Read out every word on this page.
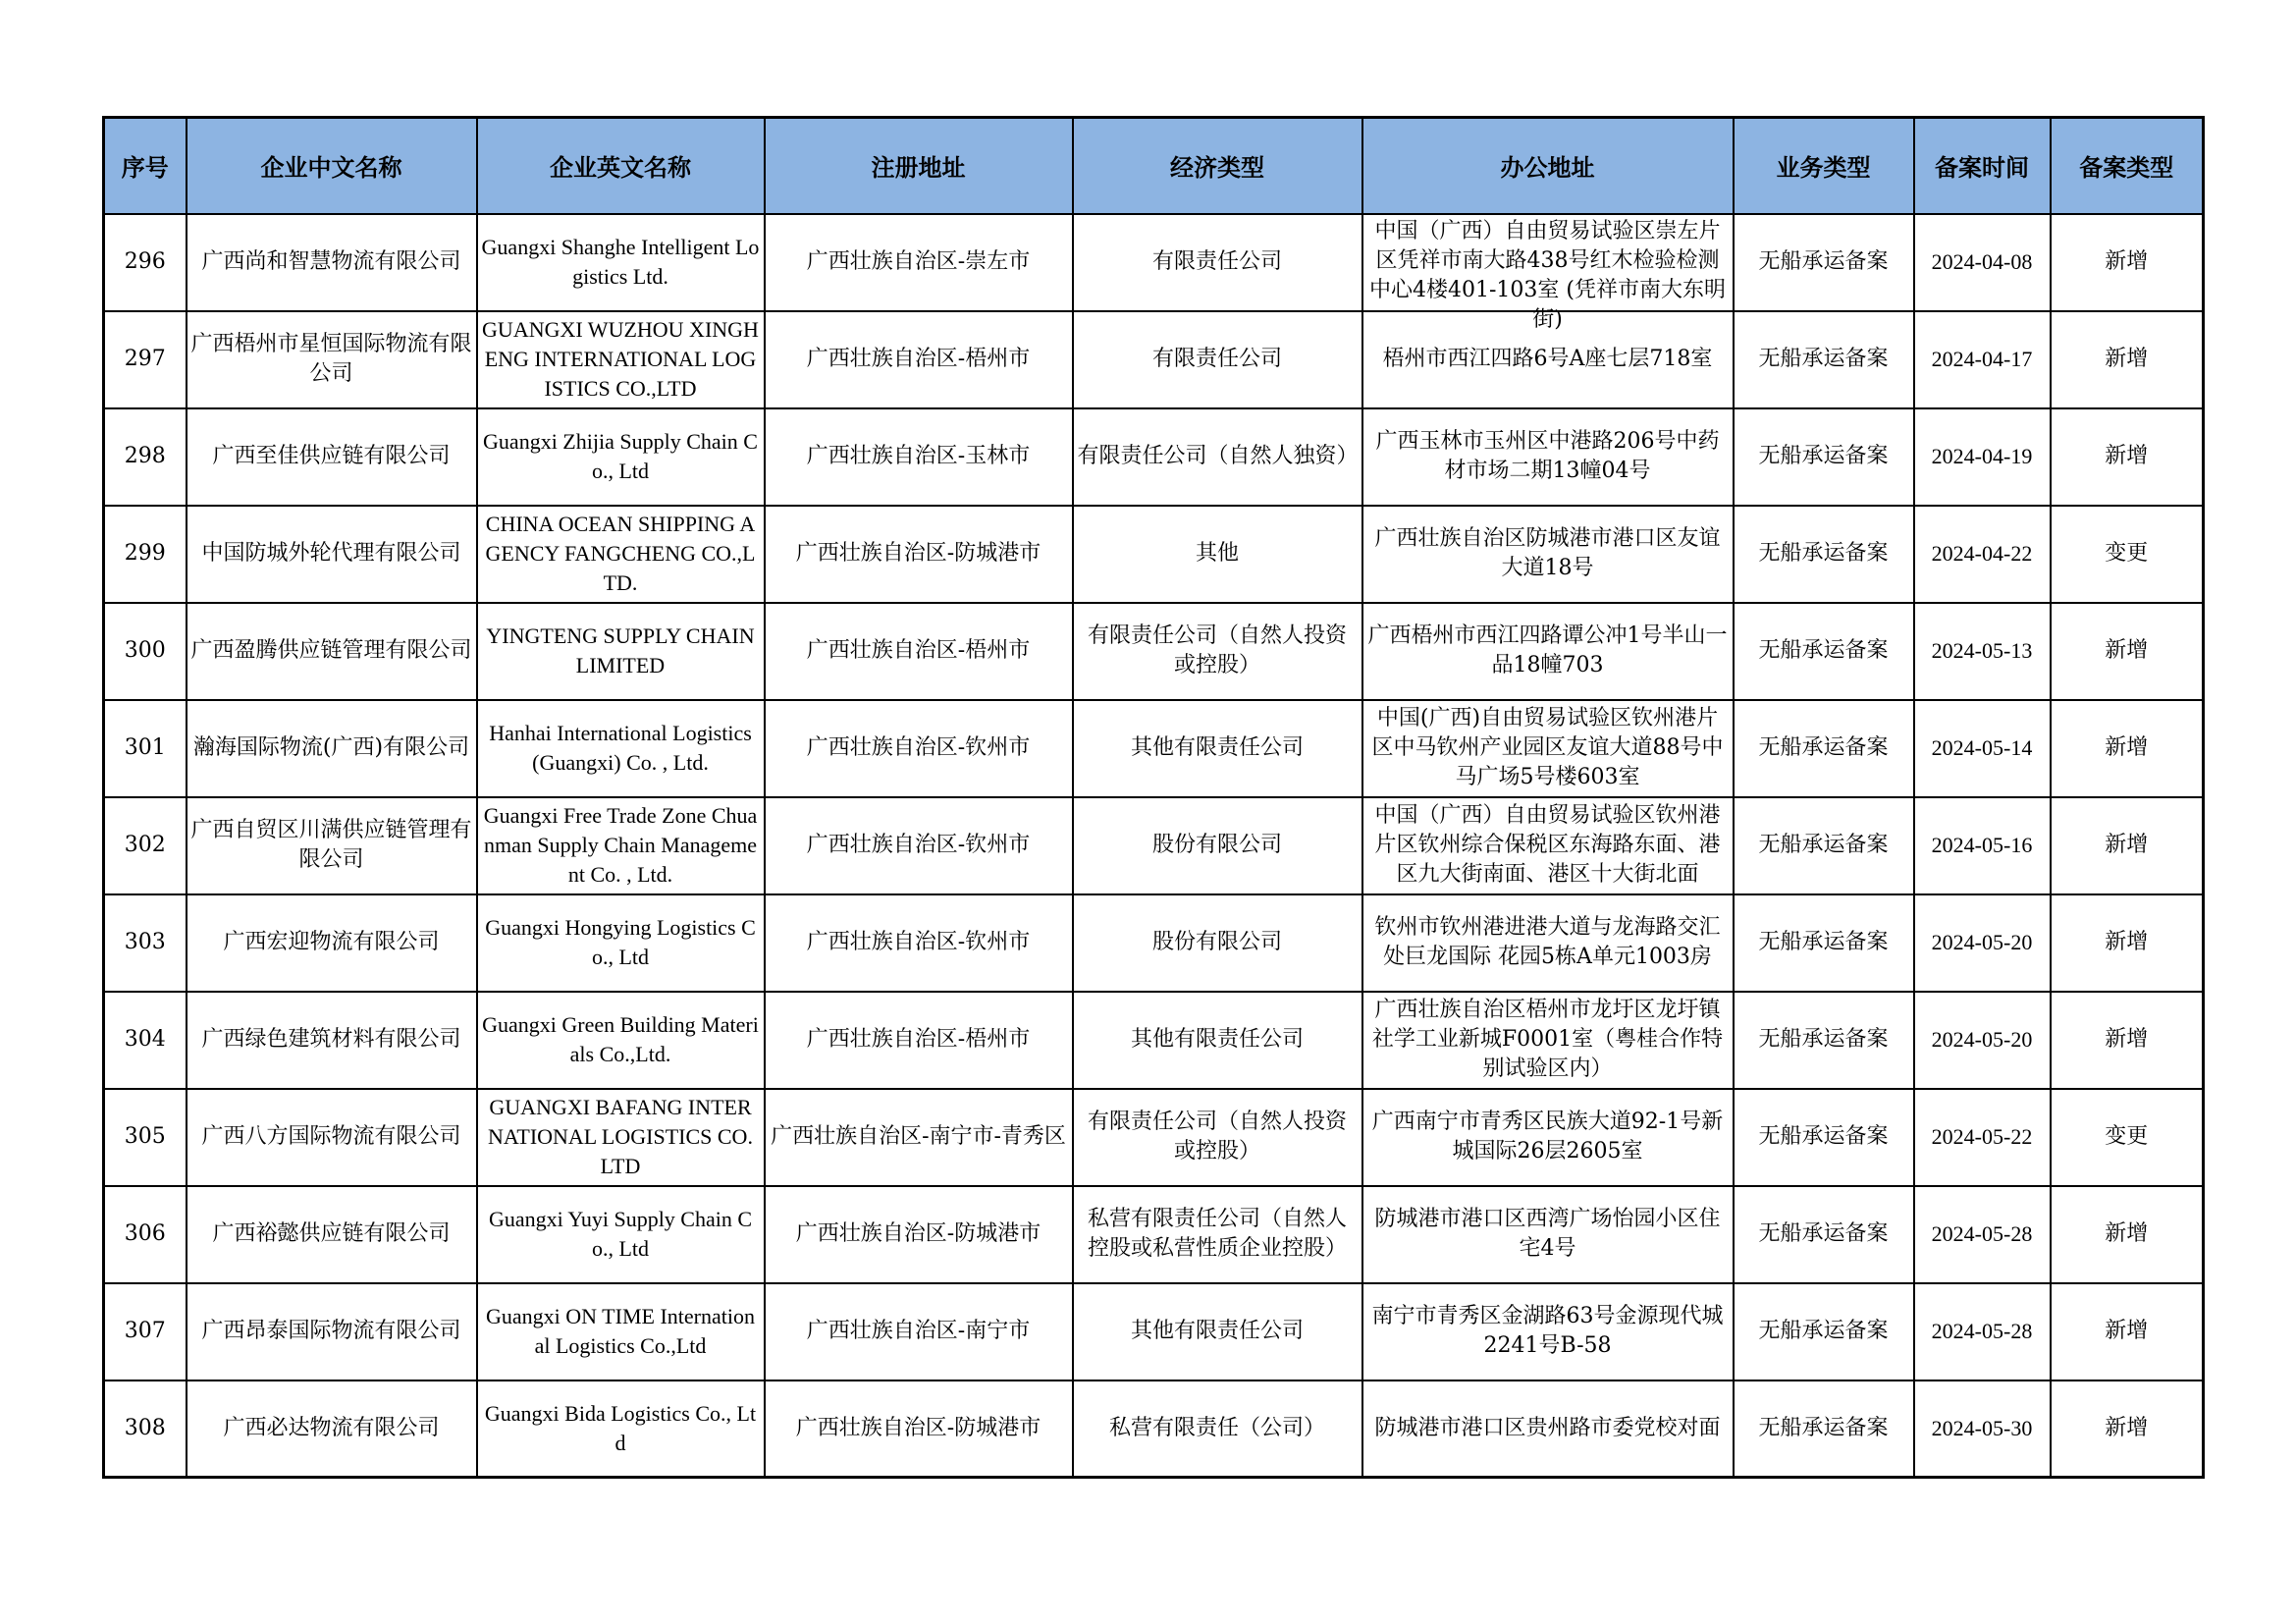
序号	企业中文名称	企业英文名称	注册地址	经济类型	办公地址	业务类型	备案时间	备案类型

296	广西尚和智慧物流有限公司	Guangxi Shanghe Intelligent Logistics Ltd.	广西壮族自治区-崇左市	有限责任公司	中国（广西）自由贸易试验区崇左片区凭祥市南大路438号红木检验检测中心4楼401-103室 (凭祥市南大东明街)	无船承运备案	2024-04-08	新增

297	广西梧州市星恒国际物流有限公司	GUANGXI WUZHOU XINGHENG INTERNATIONAL LOGISTICS CO.,LTD	广西壮族自治区-梧州市	有限责任公司	梧州市西江四路6号A座七层718室	无船承运备案	2024-04-17	新增

298	广西至佳供应链有限公司	Guangxi Zhijia Supply Chain Co., Ltd	广西壮族自治区-玉林市	有限责任公司（自然人独资）	广西玉林市玉州区中港路206号中药材市场二期13幢04号	无船承运备案	2024-04-19	新增

299	中国防城外轮代理有限公司	CHINA OCEAN SHIPPING AGENCY FANGCHENG CO.,LTD.	广西壮族自治区-防城港市	其他	广西壮族自治区防城港市港口区友谊大道18号	无船承运备案	2024-04-22	变更

300	广西盈腾供应链管理有限公司	YINGTENG SUPPLY CHAIN LIMITED	广西壮族自治区-梧州市	有限责任公司（自然人投资或控股）	广西梧州市西江四路谭公冲1号半山一品18幢703	无船承运备案	2024-05-13	新增

301	瀚海国际物流(广西)有限公司	Hanhai International Logistics (Guangxi) Co. , Ltd.	广西壮族自治区-钦州市	其他有限责任公司	中国(广西)自由贸易试验区钦州港片区中马钦州产业园区友谊大道88号中马广场5号楼603室	无船承运备案	2024-05-14	新增

302	广西自贸区川满供应链管理有限公司	Guangxi Free Trade Zone Chuanman Supply Chain Management Co. , Ltd.	广西壮族自治区-钦州市	股份有限公司	中国（广西）自由贸易试验区钦州港片区钦州综合保税区东海路东面、港区九大街南面、港区十大街北面	无船承运备案	2024-05-16	新增

303	广西宏迎物流有限公司	Guangxi Hongying Logistics Co., Ltd	广西壮族自治区-钦州市	股份有限公司	钦州市钦州港进港大道与龙海路交汇处巨龙国际 花园5栋A单元1003房	无船承运备案	2024-05-20	新增

304	广西绿色建筑材料有限公司	Guangxi Green Building Materials Co.,Ltd.	广西壮族自治区-梧州市	其他有限责任公司	广西壮族自治区梧州市龙圩区龙圩镇社学工业新城F0001室（粤桂合作特别试验区内）	无船承运备案	2024-05-20	新增

305	广西八方国际物流有限公司	GUANGXI BAFANG INTERNATIONAL LOGISTICS CO.LTD	广西壮族自治区-南宁市-青秀区	有限责任公司（自然人投资或控股）	广西南宁市青秀区民族大道92-1号新城国际26层2605室	无船承运备案	2024-05-22	变更

306	广西裕懿供应链有限公司	Guangxi Yuyi Supply Chain Co., Ltd	广西壮族自治区-防城港市	私营有限责任公司（自然人控股或私营性质企业控股）	防城港市港口区西湾广场怡园小区住宅4号	无船承运备案	2024-05-28	新增

307	广西昂泰国际物流有限公司	Guangxi ON TIME International Logistics Co.,Ltd	广西壮族自治区-南宁市	其他有限责任公司	南宁市青秀区金湖路63号金源现代城2241号B-58	无船承运备案	2024-05-28	新增

308	广西必达物流有限公司	Guangxi Bida Logistics Co., Ltd	广西壮族自治区-防城港市	私营有限责任（公司）	防城港市港口区贵州路市委党校对面	无船承运备案	2024-05-30	新增
